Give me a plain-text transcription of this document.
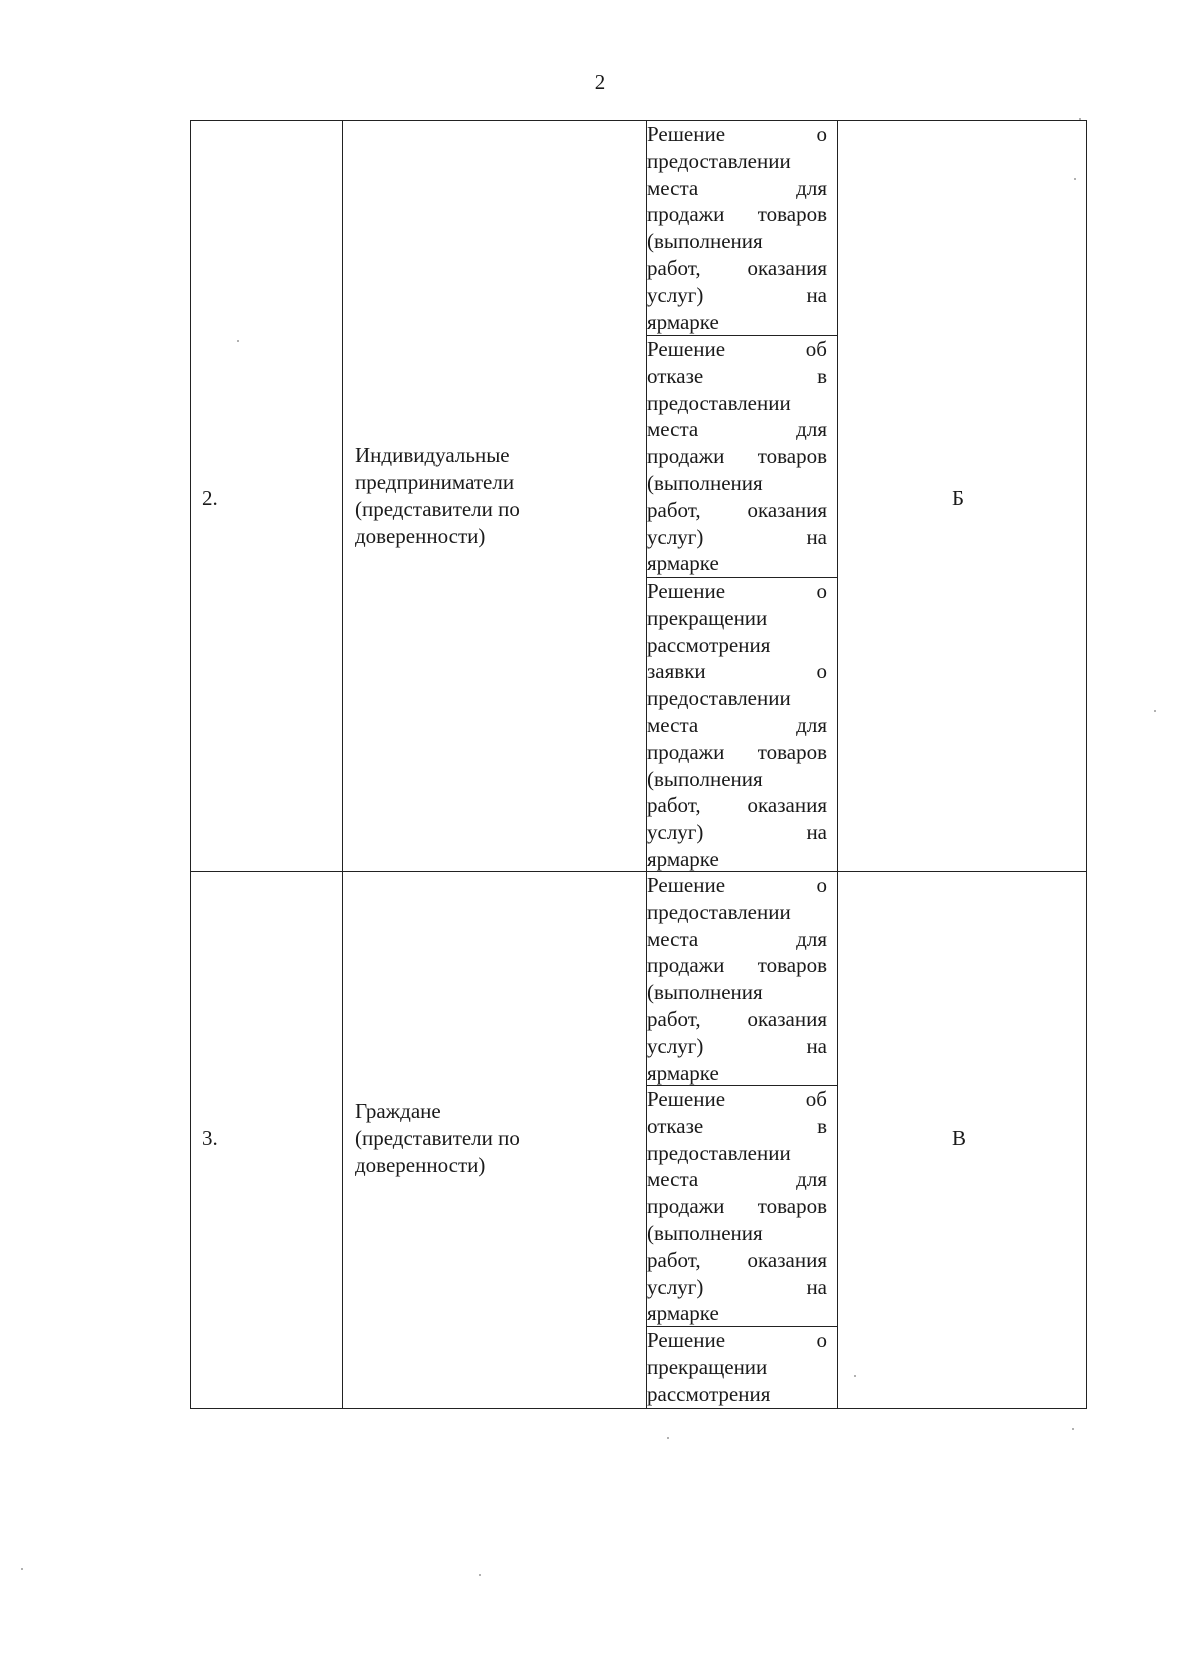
2
2.
Индивидуальные
предприниматели
(представители по
доверенности)
Решение о
предоставлении
места для
продажи товаров
(выполнения
работ, оказания
услуг) на
ярмарке
Решение об
отказе в
предоставлении
места для
продажи товаров
(выполнения
работ, оказания
услуг) на
ярмарке
Решение о
прекращении
рассмотрения
заявки о
предоставлении
места для
продажи товаров
(выполнения
работ, оказания
услуг) на
ярмарке
Б
3.
Граждане
(представители по
доверенности)
Решение о
предоставлении
места для
продажи товаров
(выполнения
работ, оказания
услуг) на
ярмарке
Решение об
отказе в
предоставлении
места для
продажи товаров
(выполнения
работ, оказания
услуг) на
ярмарке
Решение о
прекращении
рассмотрения
В
